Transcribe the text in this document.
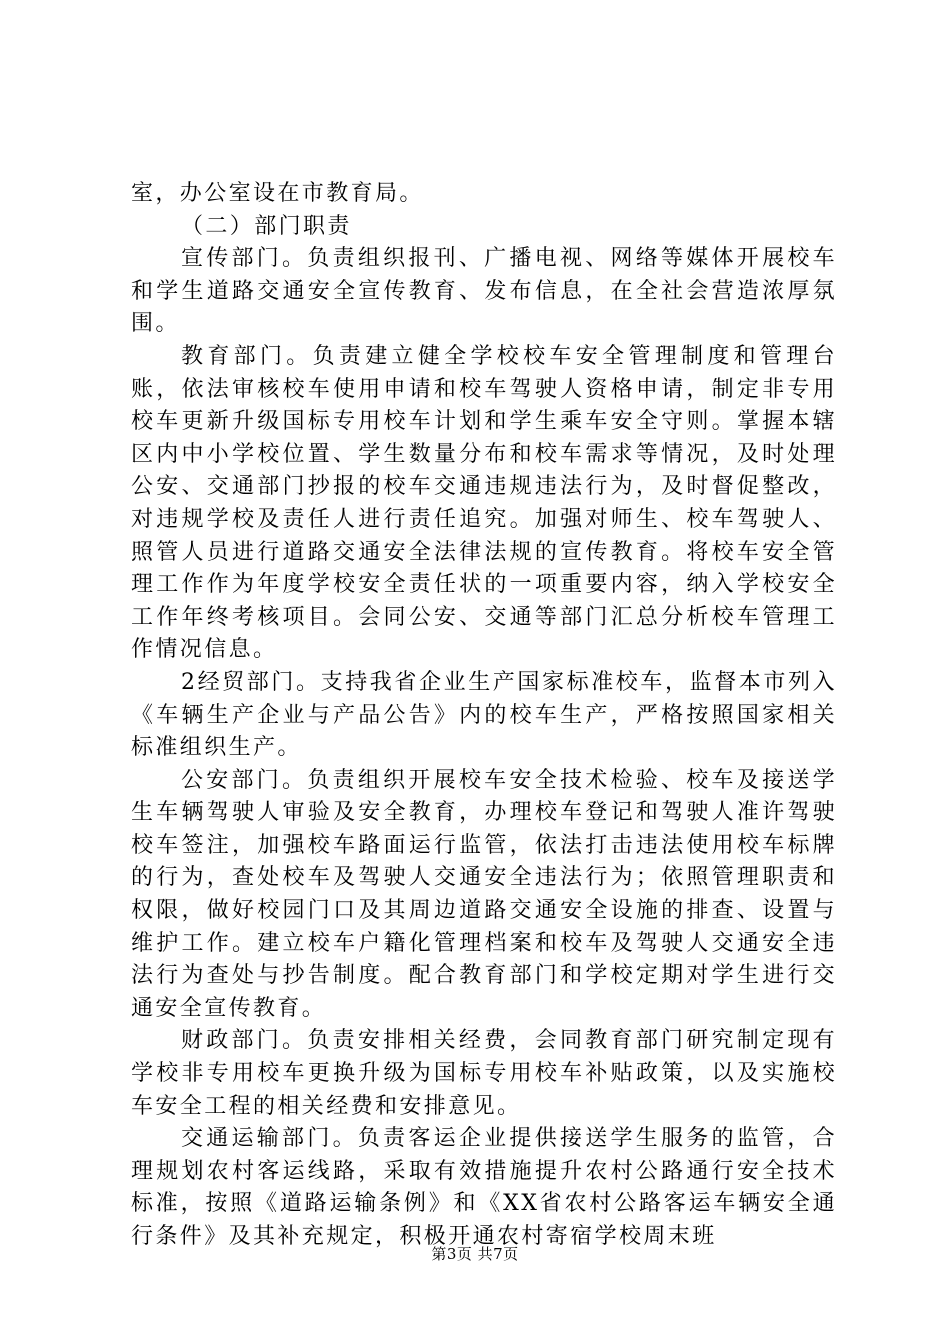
室，办公室设在市教育局。

（二）部门职责

宣传部门。负责组织报刊、广播电视、网络等媒体开展校车和学生道路交通安全宣传教育、发布信息，在全社会营造浓厚氛围。

教育部门。负责建立健全学校校车安全管理制度和管理台账，依法审核校车使用申请和校车驾驶人资格申请，制定非专用校车更新升级国标专用校车计划和学生乘车安全守则。掌握本辖区内中小学校位置、学生数量分布和校车需求等情况，及时处理公安、交通部门抄报的校车交通违规违法行为，及时督促整改，对违规学校及责任人进行责任追究。加强对师生、校车驾驶人、照管人员进行道路交通安全法律法规的宣传教育。将校车安全管理工作作为年度学校安全责任状的一项重要内容，纳入学校安全工作年终考核项目。会同公安、交通等部门汇总分析校车管理工作情况信息。

2经贸部门。支持我省企业生产国家标准校车，监督本市列入《车辆生产企业与产品公告》内的校车生产，严格按照国家相关标准组织生产。

公安部门。负责组织开展校车安全技术检验、校车及接送学生车辆驾驶人审验及安全教育，办理校车登记和驾驶人准许驾驶校车签注，加强校车路面运行监管，依法打击违法使用校车标牌的行为，查处校车及驾驶人交通安全违法行为；依照管理职责和权限，做好校园门口及其周边道路交通安全设施的排查、设置与维护工作。建立校车户籍化管理档案和校车及驾驶人交通安全违法行为查处与抄告制度。配合教育部门和学校定期对学生进行交通安全宣传教育。

财政部门。负责安排相关经费，会同教育部门研究制定现有学校非专用校车更换升级为国标专用校车补贴政策，以及实施校车安全工程的相关经费和安排意见。

交通运输部门。负责客运企业提供接送学生服务的监管，合理规划农村客运线路，采取有效措施提升农村公路通行安全技术标准，按照《道路运输条例》和《XX省农村公路客运车辆安全通行条件》及其补充规定，积极开通农村寄宿学校周末班

第3页 共7页
